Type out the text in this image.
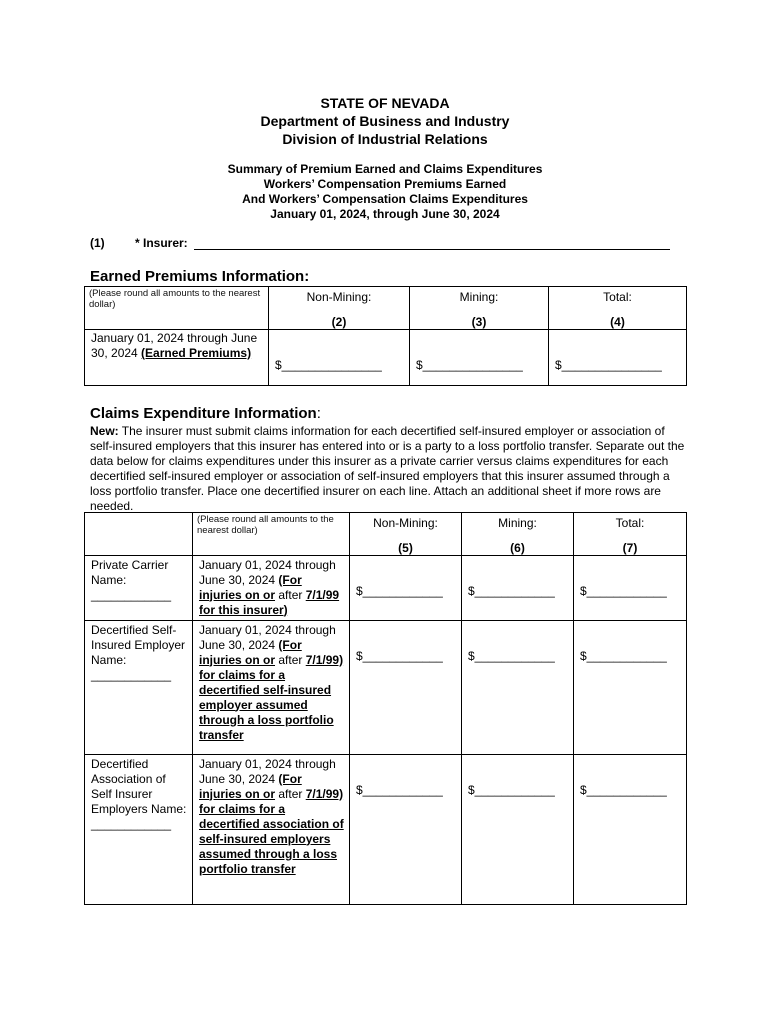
STATE OF NEVADA
Department of Business and Industry
Division of Industrial Relations
Summary of Premium Earned and Claims Expenditures
Workers’ Compensation Premiums Earned
And Workers’ Compensation Claims Expenditures
January 01, 2024, through June 30, 2024
(1)	* Insurer:
Earned Premiums Information:
(Please round all amounts to the nearest dollar)	Non-Mining:	Mining:	Total:
	(2)	(3)	(4)
January 01, 2024 through June 30, 2024 (Earned Premiums)	$_______________	$_______________	$_______________
Claims Expenditure Information:
New: The insurer must submit claims information for each decertified self-insured employer or association of self-insured employers that this insurer has entered into or is a party to a loss portfolio transfer. Separate out the data below for claims expenditures under this insurer as a private carrier versus claims expenditures for each decertified self-insured employer or association of self-insured employers that this insurer assumed through a loss portfolio transfer. Place one decertified insurer on each line. Attach an additional sheet if more rows are needed.
	(Please round all amounts to the nearest dollar)	Non-Mining:	Mining:	Total:
		(5)	(6)	(7)

Private Carrier Name:
____________	January 01, 2024 through June 30, 2024 (For injuries on or after 7/1/99 for this insurer)	$____________	$____________	$____________

Decertified Self-Insured Employer Name:
____________	January 01, 2024 through June 30, 2024 (For injuries on or after 7/1/99) for claims for a decertified self-insured employer assumed through a loss portfolio transfer	$____________	$____________	$____________

Decertified Association of Self Insurer Employers Name:
____________	January 01, 2024 through June 30, 2024 (For injuries on or after 7/1/99) for claims for a decertified association of self-insured employers assumed through a loss portfolio transfer	$____________	$____________	$____________
